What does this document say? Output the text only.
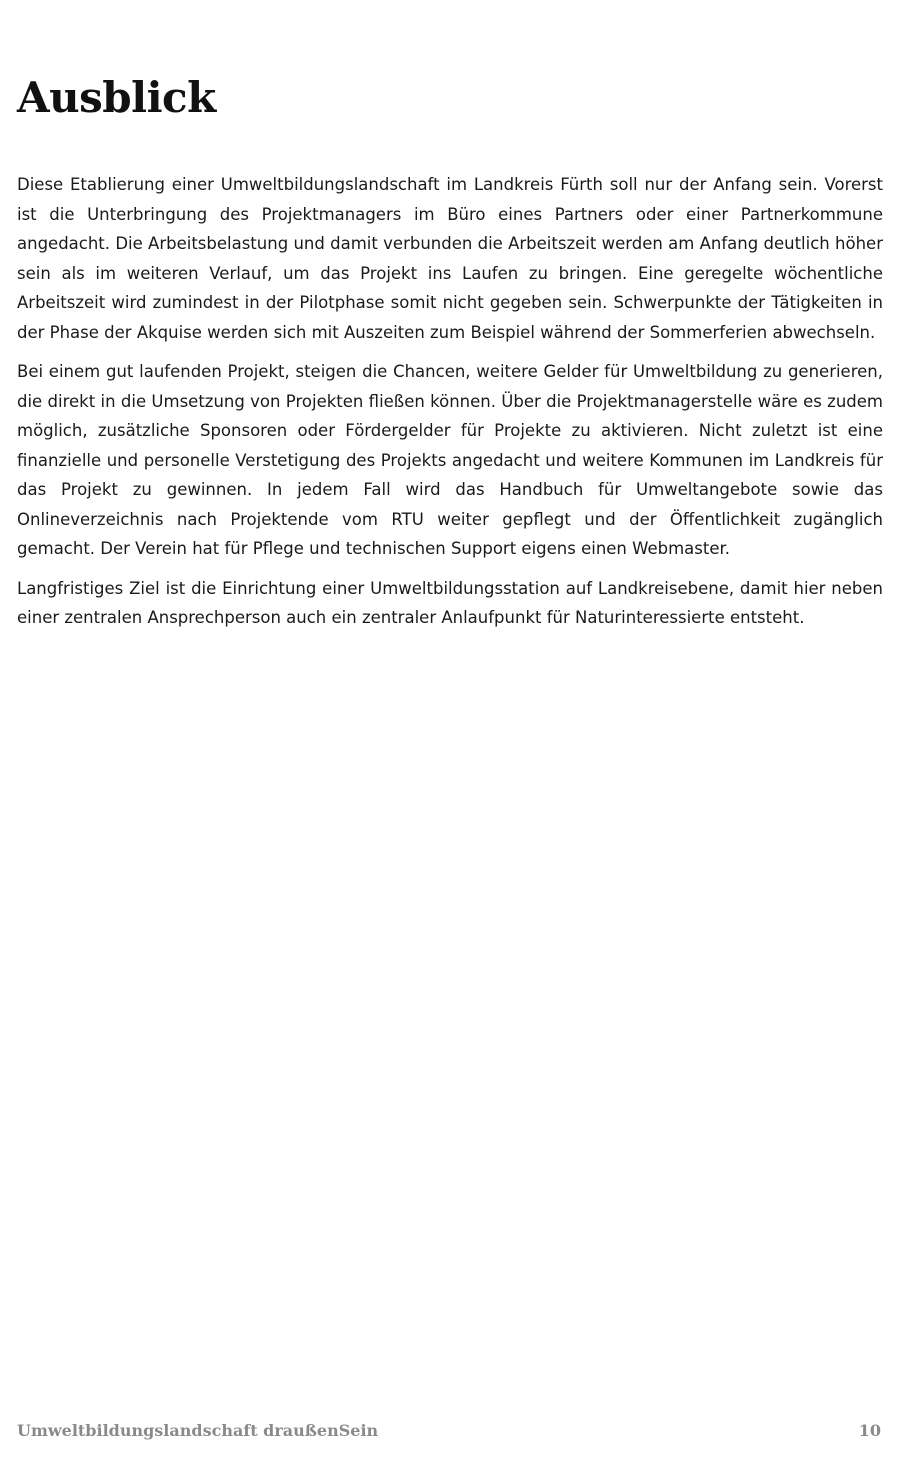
Ausblick

Diese Etablierung einer Umweltbildungslandschaft im Landkreis Fürth soll nur der Anfang sein. Vorerst ist die Unterbringung des Projektmanagers im Büro eines Partners oder einer Partnerkommune angedacht. Die Arbeitsbelastung und damit verbunden die Arbeitszeit werden am Anfang deutlich höher sein als im weiteren Verlauf, um das Projekt ins Laufen zu bringen. Eine geregelte wöchentliche Arbeitszeit wird zumindest in der Pilotphase somit nicht gegeben sein. Schwerpunkte der Tätigkeiten in der Phase der Akquise werden sich mit Auszeiten zum Beispiel während der Sommerferien abwechseln.

Bei einem gut laufenden Projekt, steigen die Chancen, weitere Gelder für Umweltbildung zu generieren, die direkt in die Umsetzung von Projekten fließen können. Über die Projektmanagerstelle wäre es zudem möglich, zusätzliche Sponsoren oder Fördergelder für Projekte zu aktivieren. Nicht zuletzt ist eine finanzielle und personelle Verstetigung des Projekts angedacht und weitere Kommunen im Landkreis für das Projekt zu gewinnen. In jedem Fall wird das Handbuch für Umweltangebote sowie das Onlineverzeichnis nach Projektende vom RTU weiter gepflegt und der Öffentlichkeit zugänglich gemacht. Der Verein hat für Pflege und technischen Support eigens einen Webmaster.

Langfristiges Ziel ist die Einrichtung einer Umweltbildungsstation auf Landkreisebene, damit hier neben einer zentralen Ansprechperson auch ein zentraler Anlaufpunkt für Naturinteressierte entsteht.

Umweltbildungslandschaft draußenSein	10
